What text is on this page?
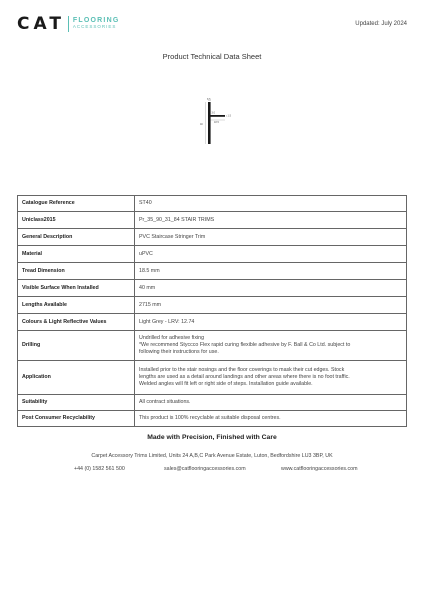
CAT FLOORING
ACCESSORIES	Updated: July 2024
Product Technical Data Sheet
8.5
40
3.0
1.5
18.5
Catalogue Reference	ST40
Uniclass2015	Pr_35_90_31_84 STAIR TRIMS
General Description	PVC Staircase Stringer Trim
Material	uPVC
Tread Dimension	18.5 mm
Visible Surface When Installed	40 mm
Lengths Available	2715 mm
Colours & Light Reflective Values	Light Grey - LRV: 12.74
Drilling	Undrilled for adhesive fixing
*We recommend Styccco Flex rapid curing flexible adhesive by F. Ball & Co Ltd. subject to
following their instructions for use.

Application	Installed prior to the stair nosings and the floor coverings to mask their cut edges. Stock
lengths are used as a detail around landings and other areas where there is no foot traffic.
Welded angles will fit left or right side of steps. Installation guide available.

Suitability	All contract situations.
Post Consumer Recyclability	This product is 100% recyclable at suitable disposal centres.
Made with Precision, Finished with Care
Carpet Accessory Trims Limited, Units 24 A,B,C Park Avenue Estate, Luton, Bedfordshire LU3 3BP, UK
+44 (0) 1582 561 500	sales@catflooringaccessories.com	www.catflooringaccessories.com
